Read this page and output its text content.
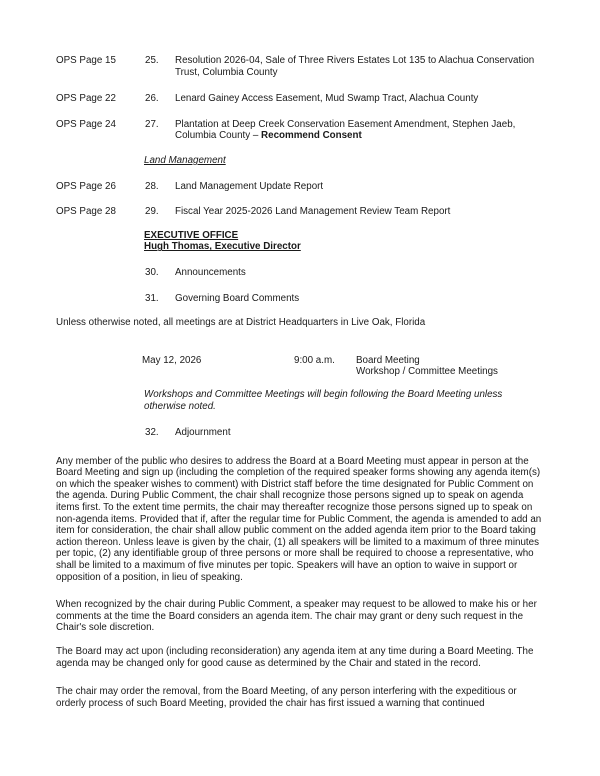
OPS Page 15	25.	Resolution 2026-04, Sale of Three Rivers Estates Lot 135 to Alachua Conservation Trust, Columbia County
OPS Page 22	26.	Lenard Gainey Access Easement, Mud Swamp Tract, Alachua County
OPS Page 24	27.	Plantation at Deep Creek Conservation Easement Amendment, Stephen Jaeb, Columbia County – Recommend Consent
Land Management
OPS Page 26	28.	Land Management Update Report
OPS Page 28	29.	Fiscal Year 2025-2026 Land Management Review Team Report
EXECUTIVE OFFICE
Hugh Thomas, Executive Director
30.	Announcements
31.	Governing Board Comments
Unless otherwise noted, all meetings are at District Headquarters in Live Oak, Florida
May 12, 2026	9:00 a.m.	Board Meeting
Workshop / Committee Meetings
Workshops and Committee Meetings will begin following the Board Meeting unless otherwise noted.
32.	Adjournment

Any member of the public who desires to address the Board at a Board Meeting must appear in person at the Board Meeting and sign up (including the completion of the required speaker forms showing any agenda item(s) on which the speaker wishes to comment) with District staff before the time designated for Public Comment on the agenda. During Public Comment, the chair shall recognize those persons signed up to speak on agenda items first. To the extent time permits, the chair may thereafter recognize those persons signed up to speak on non-agenda items. Provided that if, after the regular time for Public Comment, the agenda is amended to add an item for consideration, the chair shall allow public comment on the added agenda item prior to the Board taking action thereon. Unless leave is given by the chair, (1) all speakers will be limited to a maximum of three minutes per topic, (2) any identifiable group of three persons or more shall be required to choose a representative, who shall be limited to a maximum of five minutes per topic. Speakers will have an option to waive in support or opposition of a position, in lieu of speaking.

When recognized by the chair during Public Comment, a speaker may request to be allowed to make his or her comments at the time the Board considers an agenda item. The chair may grant or deny such request in the Chair's sole discretion.

The Board may act upon (including reconsideration) any agenda item at any time during a Board Meeting. The agenda may be changed only for good cause as determined by the Chair and stated in the record.

The chair may order the removal, from the Board Meeting, of any person interfering with the expeditious or orderly process of such Board Meeting, provided the chair has first issued a warning that continued
